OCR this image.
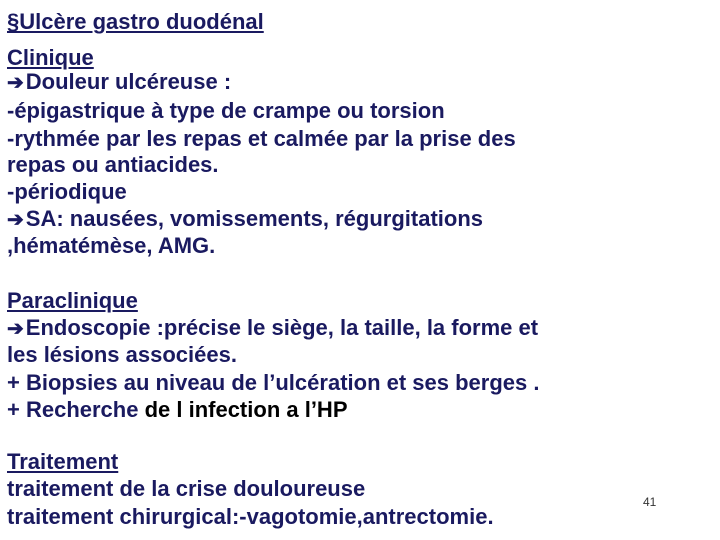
§Ulcère gastro duodénal
Clinique
➔Douleur ulcéreuse :
-épigastrique à type de crampe ou torsion
-rythmée par les repas et calmée par la prise des
repas ou antiacides.
-périodique
➔SA: nausées, vomissements, régurgitations
,hématémèse, AMG.
Paraclinique
➔Endoscopie :précise le siège, la taille, la forme et
les lésions associées.
+ Biopsies au niveau de l’ulcération et ses berges .
+ Recherche de l infection a l’HP
Traitement
traitement de la crise douloureuse
traitement chirurgical:-vagotomie,antrectomie.
41
